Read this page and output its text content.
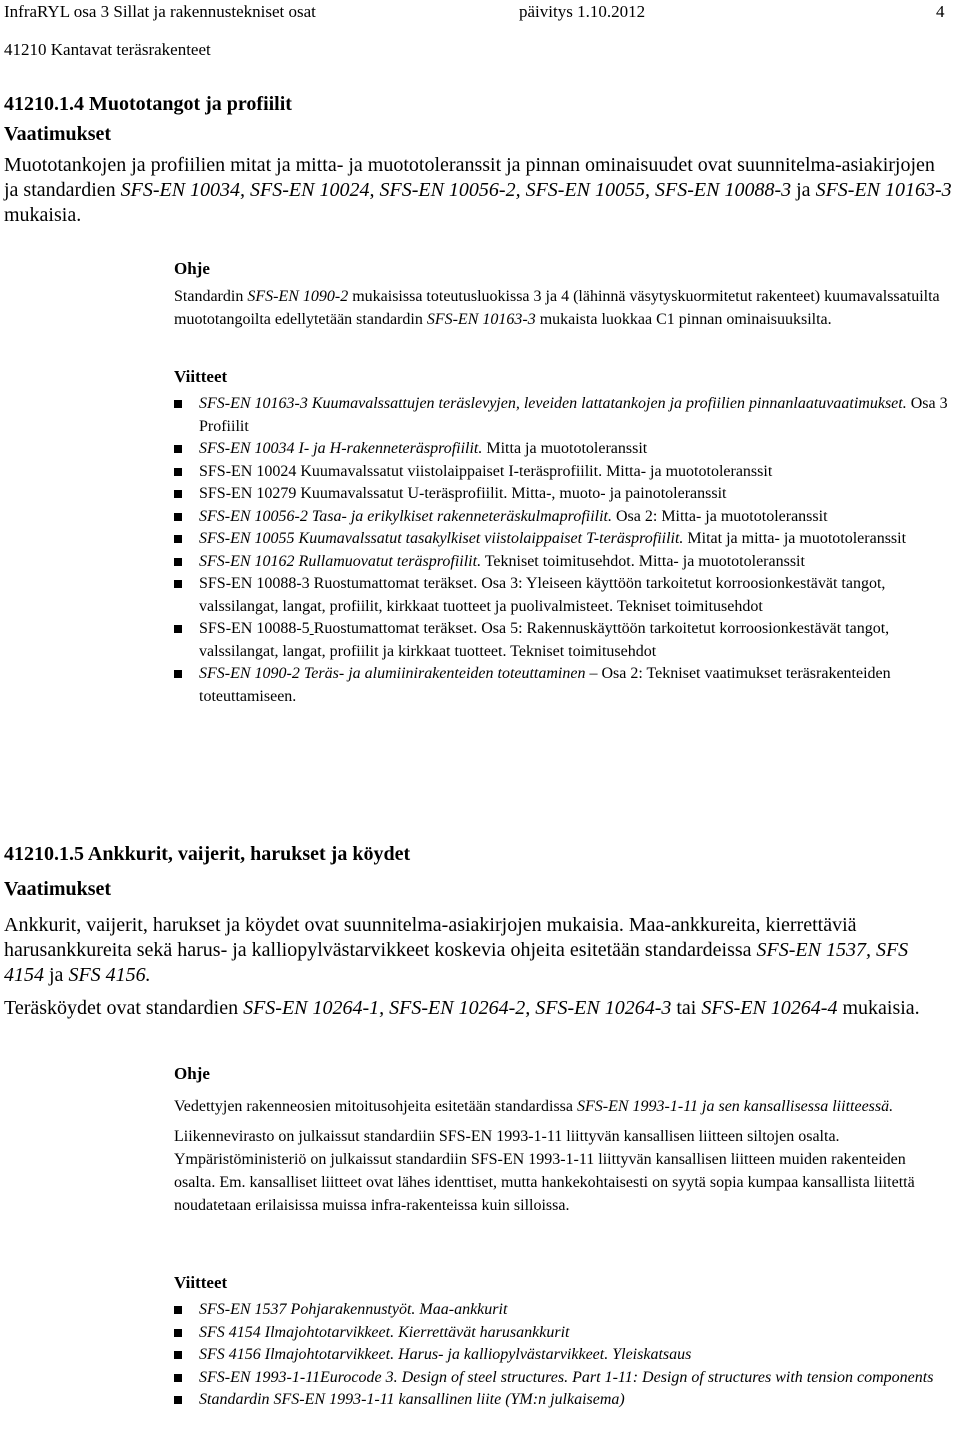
InfraRYL osa 3 Sillat ja rakennustekniset osat	päivitys 1.10.2012	4
41210 Kantavat teräsrakenteet
41210.1.4 Muototangot ja profiilit
Vaatimukset

Muototankojen ja profiilien mitat ja mitta- ja muototoleranssit ja pinnan ominaisuudet ovat suunnitelma-asiakirjojen ja standardien SFS-EN 10034, SFS-EN 10024, SFS-EN 10056-2, SFS-EN 10055, SFS-EN 10088-3 ja SFS-EN 10163-3 mukaisia.

Ohje

Standardin SFS-EN 1090-2 mukaisissa toteutusluokissa 3 ja 4 (lähinnä väsytyskuormitetut rakenteet) kuumavalssatuilta muototangoilta edellytetään standardin SFS-EN 10163-3 mukaista luokkaa C1 pinnan ominaisuuksilta.

Viitteet
SFS-EN 10163-3 Kuumavalssattujen teräslevyjen, leveiden lattatankojen ja profiilien pinnanlaatuvaatimukset. Osa 3 Profiilit
SFS-EN 10034 I- ja H-rakenneteräsprofiilit. Mitta ja muototoleranssit
SFS-EN 10024 Kuumavalssatut viistolaippaiset I-teräsprofiilit. Mitta- ja muototoleranssit
SFS-EN 10279 Kuumavalssatut U-teräsprofiilit. Mitta-, muoto- ja painotoleranssit
SFS-EN 10056-2 Tasa- ja erikylkiset rakenneteräskulmaprofiilit. Osa 2: Mitta- ja muototoleranssit
SFS-EN 10055 Kuumavalssatut tasakylkiset viistolaippaiset T-teräsprofiilit. Mitat ja mitta- ja muototoleranssit
SFS-EN 10162 Rullamuovatut teräsprofiilit. Tekniset toimitusehdot. Mitta- ja muototoleranssit
SFS-EN 10088-3 Ruostumattomat teräkset. Osa 3: Yleiseen käyttöön tarkoitetut korroosionkestävät tangot, valssilangat, langat, profiilit, kirkkaat tuotteet ja puolivalmisteet. Tekniset toimitusehdot
SFS-EN 10088-5 Ruostumattomat teräkset. Osa 5: Rakennuskäyttöön tarkoitetut korroosionkestävät tangot, valssilangat, langat, profiilit ja kirkkaat tuotteet. Tekniset toimitusehdot
SFS-EN 1090-2 Teräs- ja alumiinirakenteiden toteuttaminen – Osa 2: Tekniset vaatimukset teräsrakenteiden toteuttamiseen.
41210.1.5 Ankkurit, vaijerit, harukset ja köydet
Vaatimukset

Ankkurit, vaijerit, harukset ja köydet ovat suunnitelma-asiakirjojen mukaisia. Maa-ankkureita, kierrettäviä harusankkureita sekä harus- ja kalliopylvästarvikkeet koskevia ohjeita esitetään standardeissa SFS-EN 1537, SFS 4154 ja SFS 4156.

Teräsköydet ovat standardien SFS-EN 10264-1, SFS-EN 10264-2, SFS-EN 10264-3 tai SFS-EN 10264-4 mukaisia.

Ohje

Vedettyjen rakenneosien mitoitusohjeita esitetään standardissa SFS-EN 1993-1-11 ja sen kansallisessa liitteessä.

Liikennevirasto on julkaissut standardiin SFS-EN 1993-1-11 liittyvän kansallisen liitteen siltojen osalta. Ympäristöministeriö on julkaissut standardiin SFS-EN 1993-1-11 liittyvän kansallisen liitteen muiden rakenteiden osalta. Em. kansalliset liitteet ovat lähes identtiset, mutta hankekohtaisesti on syytä sopia kumpaa kansallista liitettä noudatetaan erilaisissa muissa infra-rakenteissa kuin silloissa.

Viitteet
SFS-EN 1537 Pohjarakennustyöt. Maa-ankkurit
SFS 4154 Ilmajohtotarvikkeet. Kierrettävät harusankkurit
SFS 4156 Ilmajohtotarvikkeet. Harus- ja kalliopylvästarvikkeet. Yleiskatsaus
SFS-EN 1993-1-11Eurocode 3. Design of steel structures. Part 1-11: Design of structures with tension components
Standardin SFS-EN 1993-1-11 kansallinen liite (YM:n julkaisema)
